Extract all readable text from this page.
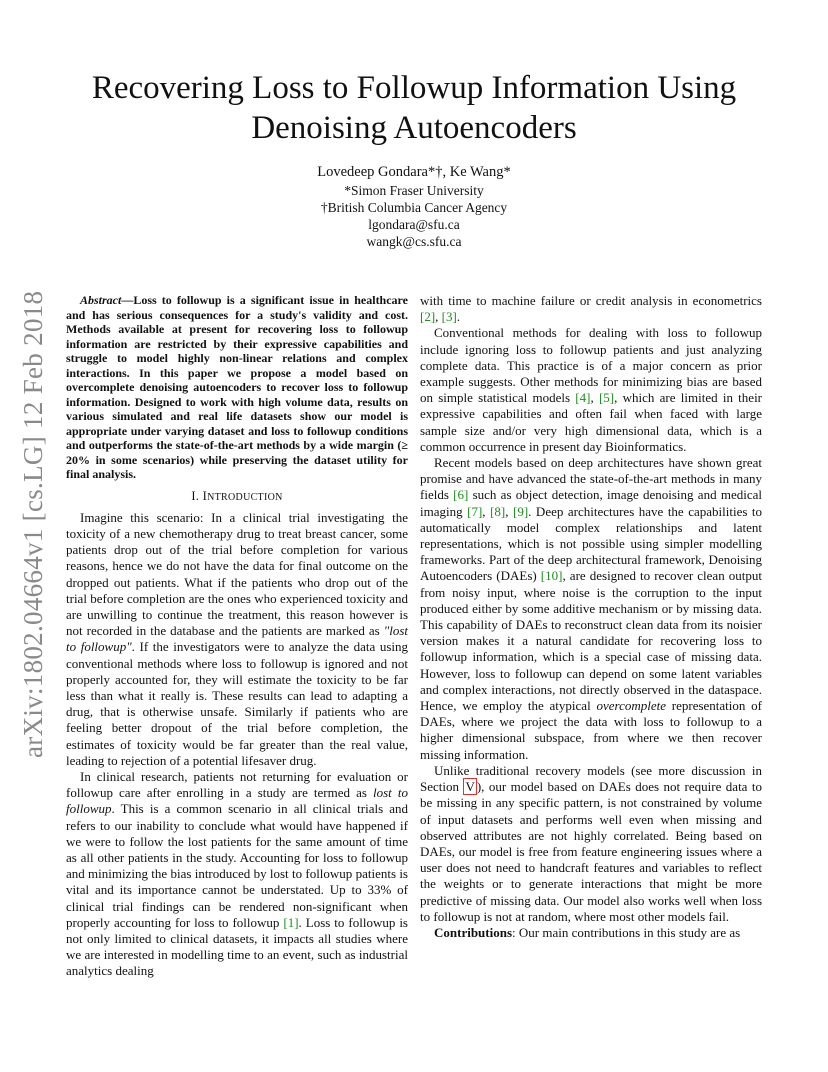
arXiv:1802.04664v1 [cs.LG] 12 Feb 2018
Recovering Loss to Followup Information Using Denoising Autoencoders
Lovedeep Gondara*†, Ke Wang*
*Simon Fraser University
†British Columbia Cancer Agency
lgondara@sfu.ca
wangk@cs.sfu.ca

Abstract—Loss to followup is a significant issue in healthcare and has serious consequences for a study's validity and cost. Methods available at present for recovering loss to followup information are restricted by their expressive capabilities and struggle to model highly non-linear relations and complex interactions. In this paper we propose a model based on overcomplete denoising autoencoders to recover loss to followup information. Designed to work with high volume data, results on various simulated and real life datasets show our model is appropriate under varying dataset and loss to followup conditions and outperforms the state-of-the-art methods by a wide margin (≥ 20% in some scenarios) while preserving the dataset utility for final analysis.

I. INTRODUCTION

Imagine this scenario: In a clinical trial investigating the toxicity of a new chemotherapy drug to treat breast cancer, some patients drop out of the trial before completion for various reasons, hence we do not have the data for final outcome on the dropped out patients. What if the patients who drop out of the trial before completion are the ones who experienced toxicity and are unwilling to continue the treatment, this reason however is not recorded in the database and the patients are marked as "lost to followup". If the investigators were to analyze the data using conventional methods where loss to followup is ignored and not properly accounted for, they will estimate the toxicity to be far less than what it really is. These results can lead to adapting a drug, that is otherwise unsafe. Similarly if patients who are feeling better dropout of the trial before completion, the estimates of toxicity would be far greater than the real value, leading to rejection of a potential lifesaver drug.

In clinical research, patients not returning for evaluation or followup care after enrolling in a study are termed as lost to followup. This is a common scenario in all clinical trials and refers to our inability to conclude what would have happened if we were to follow the lost patients for the same amount of time as all other patients in the study. Accounting for loss to followup and minimizing the bias introduced by lost to followup patients is vital and its importance cannot be understated. Up to 33% of clinical trial findings can be rendered non-significant when properly accounting for loss to followup [1]. Loss to followup is not only limited to clinical datasets, it impacts all studies where we are interested in modelling time to an event, such as industrial analytics dealing

with time to machine failure or credit analysis in econometrics [2], [3].

Conventional methods for dealing with loss to followup include ignoring loss to followup patients and just analyzing complete data. This practice is of a major concern as prior example suggests. Other methods for minimizing bias are based on simple statistical models [4], [5], which are limited in their expressive capabilities and often fail when faced with large sample size and/or very high dimensional data, which is a common occurrence in present day Bioinformatics.

Recent models based on deep architectures have shown great promise and have advanced the state-of-the-art methods in many fields [6] such as object detection, image denoising and medical imaging [7], [8], [9]. Deep architectures have the capabilities to automatically model complex relationships and latent representations, which is not possible using simpler modelling frameworks. Part of the deep architectural framework, Denoising Autoencoders (DAEs) [10], are designed to recover clean output from noisy input, where noise is the corruption to the input produced either by some additive mechanism or by missing data. This capability of DAEs to reconstruct clean data from its noisier version makes it a natural candidate for recovering loss to followup information, which is a special case of missing data. However, loss to followup can depend on some latent variables and complex interactions, not directly observed in the dataspace. Hence, we employ the atypical overcomplete representation of DAEs, where we project the data with loss to followup to a higher dimensional subspace, from where we then recover missing information.

Unlike traditional recovery models (see more discussion in Section V ), our model based on DAEs does not require data to be missing in any specific pattern, is not constrained by volume of input datasets and performs well even when missing and observed attributes are not highly correlated. Being based on DAEs, our model is free from feature engineering issues where a user does not need to handcraft features and variables to reflect the weights or to generate interactions that might be more predictive of missing data. Our model also works well when loss to followup is not at random, where most other models fail.

Contributions: Our main contributions in this study are as
